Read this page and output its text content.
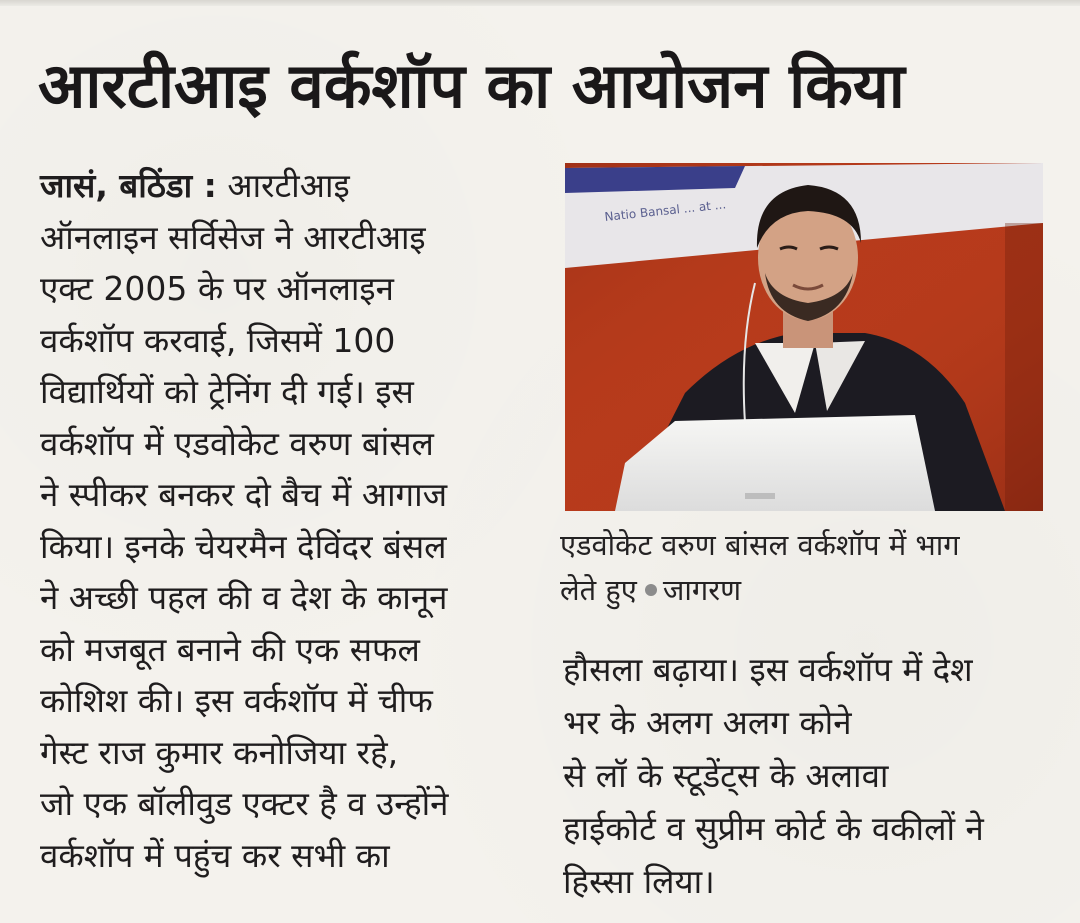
आरटीआइ वर्कशॉप का आयोजन किया
जासं, बठिंडा : आरटीआइ
ऑनलाइन सर्विसेज ने आरटीआइ
एक्ट 2005 के पर ऑनलाइन
वर्कशॉप करवाई, जिसमें 100
विद्यार्थियों को ट्रेनिंग दी गई। इस
वर्कशॉप में एडवोकेट वरुण बांसल
ने स्पीकर बनकर दो बैच में आगाज
किया। इनके चेयरमैन देविंदर बंसल
ने अच्छी पहल की व देश के कानून
को मजबूत बनाने की एक सफल
कोशिश की। इस वर्कशॉप में चीफ
गेस्ट राज कुमार कनोजिया रहे,
जो एक बॉलीवुड एक्टर है व उन्होंने
वर्कशॉप में पहुंच कर सभी का
Natio Bansal ... at ...
एडवोकेट वरुण बांसल वर्कशॉप में भाग
लेते हुए जागरण
हौसला बढ़ाया। इस वर्कशॉप में देश
भर के अलग अलग कोने
से लॉ के स्टूडेंट्स के अलावा
हाईकोर्ट व सुप्रीम कोर्ट के वकीलों ने
हिस्सा लिया।
